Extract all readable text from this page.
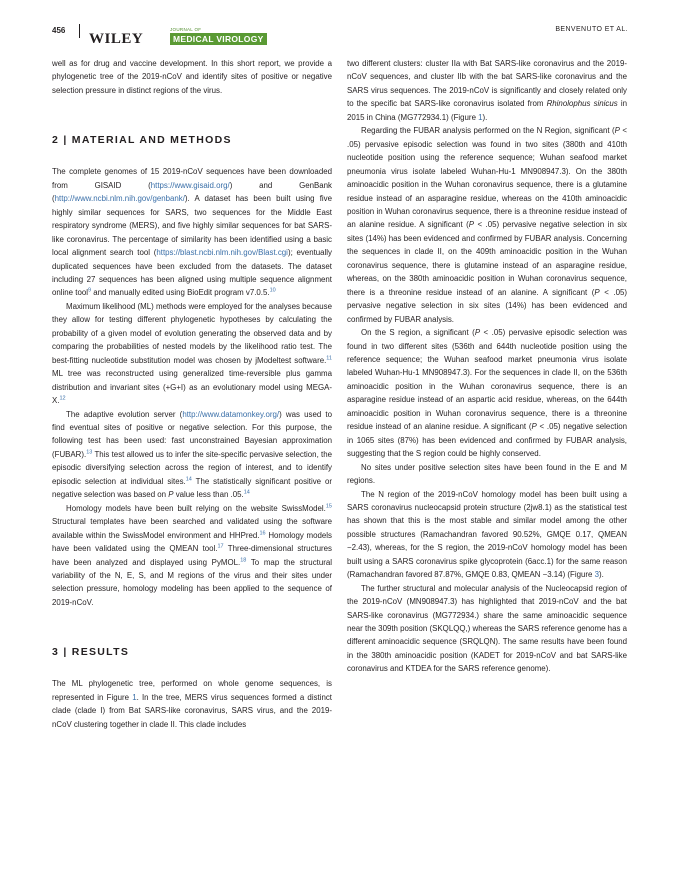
456
WILEY
JOURNAL OF
MEDICAL VIROLOGY
BENVENUTO ET AL.

well as for drug and vaccine development. In this short report, we provide a phylogenetic tree of the 2019-nCoV and identify sites of positive or negative selection pressure in distinct regions of the virus.

2 | MATERIAL AND METHODS

The complete genomes of 15 2019-nCoV sequences have been downloaded from GISAID (https://www.gisaid.org/) and GenBank (http://www.ncbi.nlm.nih.gov/genbank/). A dataset has been built using five highly similar sequences for SARS, two sequences for the Middle East respiratory syndrome (MERS), and five highly similar sequences for bat SARS-like coronavirus. The percentage of similarity has been identified using a basic local alignment search tool (https://blast.ncbi.nlm.nih.gov/Blast.cgi); eventually duplicated sequences have been excluded from the datasets. The dataset including 27 sequences has been aligned using multiple sequence alignment online tool$^9$ and manually edited using BioEdit program v7.0.5.10

Maximum likelihood (ML) methods were employed for the analyses because they allow for testing different phylogenetic hypotheses by calculating the probability of a given model of evolution generating the observed data and by comparing the probabilities of nested models by the likelihood ratio test. The best-fitting nucleotide substitution model was chosen by jModeltest software.$^{11}$ ML tree was reconstructed using generalized time-reversible plus gamma distribution and invariant sites (+G+I) as an evolutionary model using MEGA-X.$^{12}$

The adaptive evolution server (http://www.datamonkey.org/) was used to find eventual sites of positive or negative selection. For this purpose, the following test has been used: fast unconstrained Bayesian approximation (FUBAR).$^{13}$ This test allowed us to infer the site-specific pervasive selection, the episodic diversifying selection across the region of interest, and to identify episodic selection at individual sites.$^{14}$ The statistically significant positive or negative selection was based on P value less than .05.14

Homology models have been built relying on the website SwissModel.$^{15}$ Structural templates have been searched and validated using the software available within the SwissModel environment and HHPred.$^{16}$ Homology models have been validated using the QMEAN tool.$^{17}$ Three-dimensional structures have been analyzed and displayed using PyMOL.$^{18}$ To map the structural variability of the N, E, S, and M regions of the virus and their sites under selection pressure, homology modeling has been applied to the sequence of 2019-nCoV.

3 | RESULTS

The ML phylogenetic tree, performed on whole genome sequences, is represented in Figure 1. In the tree, MERS virus sequences formed a distinct clade (clade I) from Bat SARS-like coronavirus, SARS virus, and the 2019-nCoV clustering together in clade II. This clade includes

two different clusters: cluster IIa with Bat SARS-like coronavirus and the 2019-nCoV sequences, and cluster IIb with the bat SARS-like coronavirus and the SARS virus sequences. The 2019-nCoV is significantly and closely related only to the specific bat SARS-like coronavirus isolated from Rhinolophus sinicus in 2015 in China (MG772934.1) (Figure 1).

Regarding the FUBAR analysis performed on the N Region, significant (P < .05) pervasive episodic selection was found in two sites (380th and 410th nucleotide position using the reference sequence; Wuhan seafood market pneumonia virus isolate labeled Wuhan-Hu-1 MN908947.3). On the 380th aminoacidic position in the Wuhan coronavirus sequence, there is a glutamine residue instead of an asparagine residue, whereas on the 410th aminoacidic position in Wuhan coronavirus sequence, there is a threonine residue instead of an alanine residue. A significant (P < .05) pervasive negative selection in six sites (14%) has been evidenced and confirmed by FUBAR analysis. Concerning the sequences in clade II, on the 409th aminoacidic position in the Wuhan coronavirus sequence, there is glutamine instead of an asparagine residue, whereas, on the 380th aminoacidic position in Wuhan coronavirus sequence, there is a threonine residue instead of an alanine. A significant (P < .05) pervasive negative selection in six sites (14%) has been evidenced and confirmed by FUBAR analysis.

On the S region, a significant (P < .05) pervasive episodic selection was found in two different sites (536th and 644th nucleotide position using the reference sequence; the Wuhan seafood market pneumonia virus isolate labeled Wuhan-Hu-1 MN908947.3). For the sequences in clade II, on the 536th aminoacidic position in the Wuhan coronavirus sequence, there is an asparagine residue instead of an aspartic acid residue, whereas, on the 644th aminoacidic position in Wuhan coronavirus sequence, there is a threonine residue instead of an alanine residue. A significant (P < .05) negative selection in 1065 sites (87%) has been evidenced and confirmed by FUBAR analysis, suggesting that the S region could be highly conserved.

No sites under positive selection sites have been found in the E and M regions.

The N region of the 2019-nCoV homology model has been built using a SARS coronavirus nucleocapsid protein structure (2jw8.1) as the statistical test has shown that this is the most stable and similar model among the other possible structures (Ramachandran favored 90.52%, GMQE 0.17, QMEAN −2.43), whereas, for the S region, the 2019-nCoV homology model has been built using a SARS coronavirus spike glycoprotein (6acc.1) for the same reason (Ramachandran favored 87.87%, GMQE 0.83, QMEAN −3.14) (Figure 3).

The further structural and molecular analysis of the Nucleocapsid region of the 2019-nCoV (MN908947.3) has highlighted that 2019-nCoV and the bat SARS-like coronavirus (MG772934.) share the same aminoacidic sequence near the 309th position (SKQLQQ,) whereas the SARS reference genome has a different aminoacidic sequence (SRQLQN). The same results have been found in the 380th aminoacidic position (KADET for 2019-nCoV and bat SARS-like coronavirus and KTDEA for the SARS reference genome).
